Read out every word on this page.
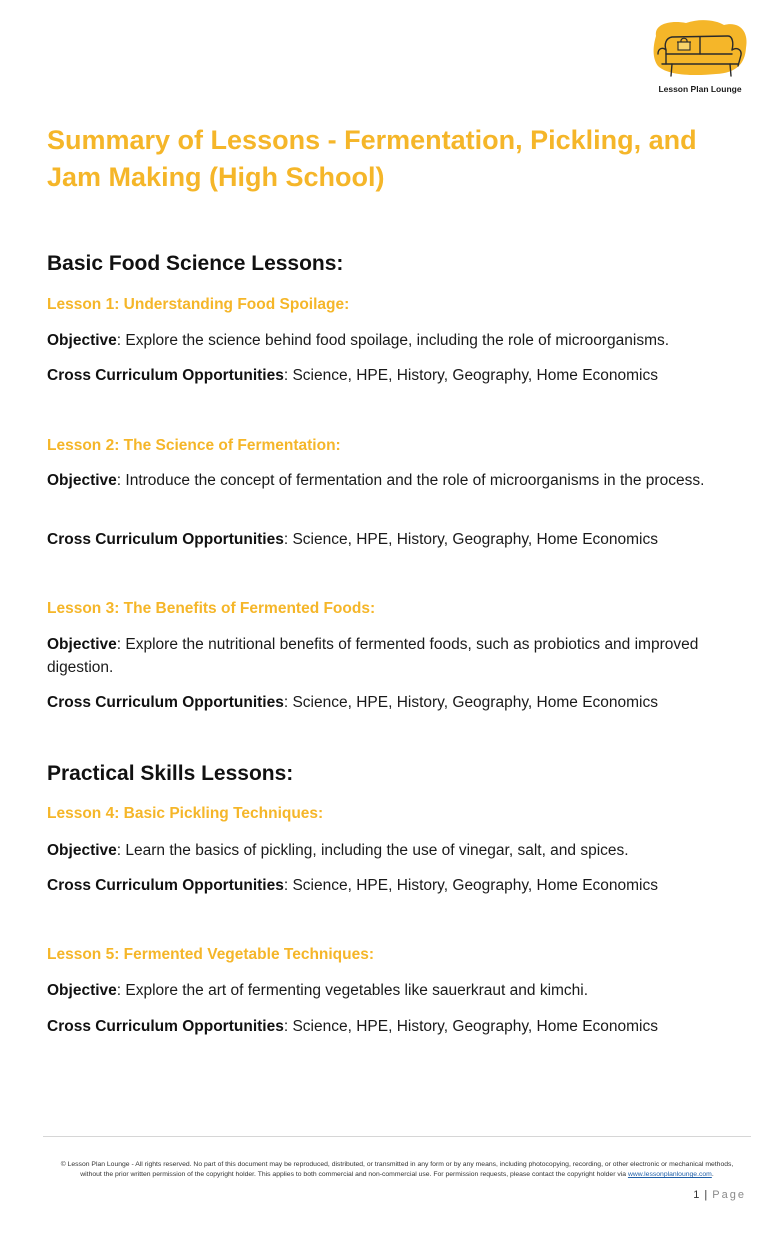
Lesson Plan Lounge
Summary of Lessons - Fermentation, Pickling, and Jam Making (High School)
Basic Food Science Lessons:
Lesson 1: Understanding Food Spoilage:

Objective: Explore the science behind food spoilage, including the role of microorganisms.

Cross Curriculum Opportunities: Science, HPE, History, Geography, Home Economics

Lesson 2: The Science of Fermentation:

Objective: Introduce the concept of fermentation and the role of microorganisms in the process.

Cross Curriculum Opportunities: Science, HPE, History, Geography, Home Economics

Lesson 3: The Benefits of Fermented Foods:

Objective: Explore the nutritional benefits of fermented foods, such as probiotics and improved digestion.

Cross Curriculum Opportunities: Science, HPE, History, Geography, Home Economics

Practical Skills Lessons:
Lesson 4: Basic Pickling Techniques:

Objective: Learn the basics of pickling, including the use of vinegar, salt, and spices.

Cross Curriculum Opportunities: Science, HPE, History, Geography, Home Economics

Lesson 5: Fermented Vegetable Techniques:

Objective: Explore the art of fermenting vegetables like sauerkraut and kimchi.

Cross Curriculum Opportunities: Science, HPE, History, Geography, Home Economics

© Lesson Plan Lounge - All rights reserved. No part of this document may be reproduced, distributed, or transmitted in any form or by any means, including photocopying, recording, or other electronic or mechanical methods, without the prior written permission of the copyright holder. This applies to both commercial and non-commercial use. For permission requests, please contact the copyright holder via www.lessonplanlounge.com.

1 | Page
